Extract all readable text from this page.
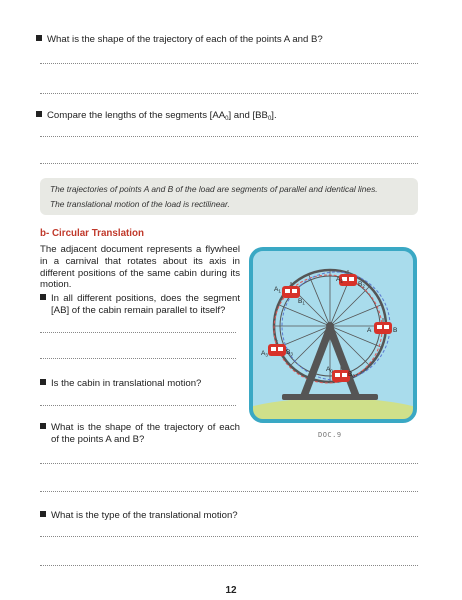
What is the shape of the trajectory of each of the points A and B?
Compare the lengths of the segments $[AA_0]$ and $[BB_0]$.
The trajectories of points A and B of the load are segments of parallel and identical lines.
The translational motion of the load is rectilinear.
b- Circular Translation
The adjacent document represents a flywheel in a carnival that rotates about its axis in different positions of the same cabin during its motion.
In all different positions, does the segment [AB] of the cabin remain parallel to itself?
Is the cabin in translational motion?
What is the shape of the trajectory of each of the points A and B?
What is the type of the translational motion?
12
$A_1$
$B_1$
$A_2$ $B_2$
A	B
$A_3$	$B_3$
$A_0$ $B_0$
DOC.9
